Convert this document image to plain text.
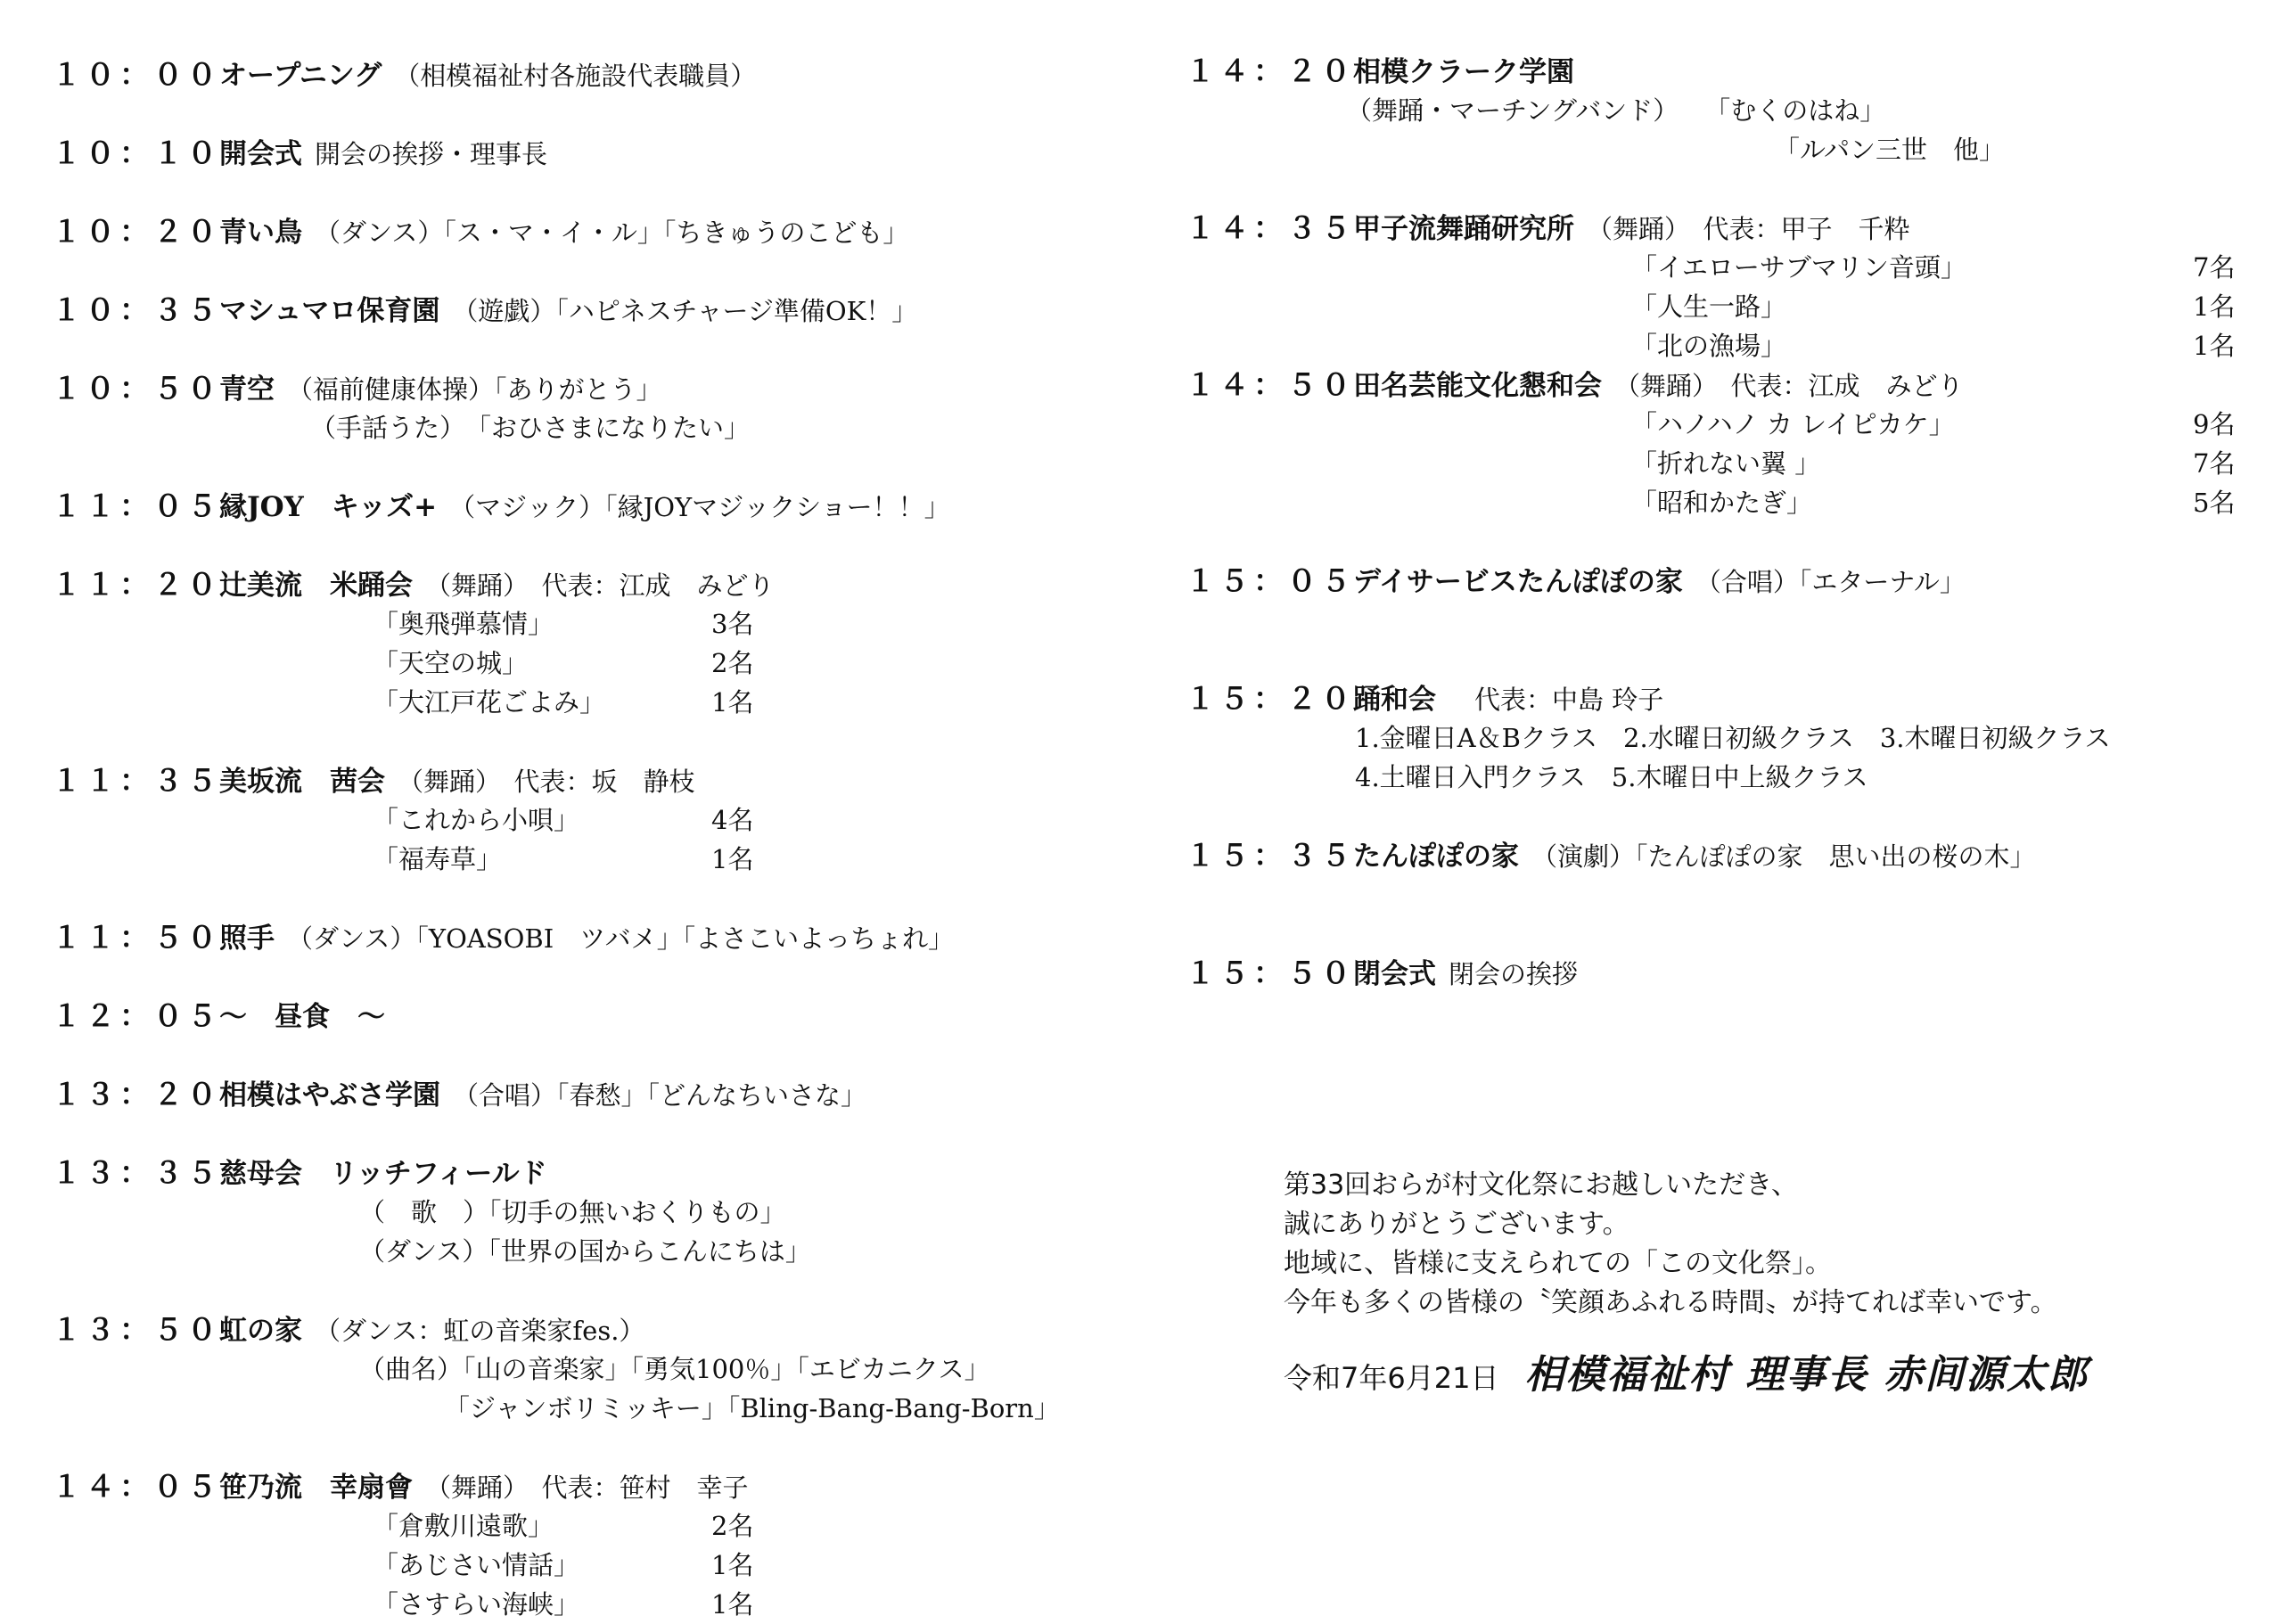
１０：００
オープニング （相模福祉村各施設代表職員）
１０：１０
開会式 開会の挨拶・理事長
１０：２０
青い鳥 （ダンス）「ス・マ・イ・ル」「ちきゅうのこども」
１０：３５
マシュマロ保育園 （遊戯）「ハピネスチャージ準備OK！」
１０：５０
青空 （福前健康体操）「ありがとう」
（手話うた）　「おひさまになりたい」
１１：０５
縁JOY　キッズ+ （マジック）「縁JOYマジックショー！！」
１１：２０
辻美流　米踊会 （舞踊）　代表：江成　みどり
「奥飛弾慕情」	3名
「天空の城」	2名
「大江戸花ごよみ」	1名
１１：３５
美坂流　茜会 （舞踊）　代表：坂　静枝
「これから小唄」	4名
「福寿草」	1名
１１：５０
照手 （ダンス）「YOASOBI　ツバメ」「よさこいよっちょれ」
１２：０５
〜　昼食　〜
１３：２０
相模はやぶさ学園 （合唱）「春愁」「どんなちいさな」
１３：３５
慈母会　リッチフィールド
（　歌　）「切手の無いおくりもの」
（ダンス）「世界の国からこんにちは」
１３：５０
虹の家 （ダンス：虹の音楽家fes.）
（曲名）「山の音楽家」「勇気100％」「エビカニクス」
「ジャンボリミッキー」「Bling-Bang-Bang-Born」
１４：０５
笹乃流　幸扇會 （舞踊）　代表：笹村　幸子
「倉敷川遠歌」	2名
「あじさい情話」	1名
「さすらい海峡」	1名
１４：２０
相模クラーク学園
（舞踊・マーチングバンド）　　「むくのはね」
「ルパン三世　他」
１４：３５
甲子流舞踊研究所 （舞踊）　代表：甲子　千粋
「イエローサブマリン音頭」	7名
「人生一路」	1名
「北の漁場」	1名
１４：５０
田名芸能文化懇和会 （舞踊）　代表：江成　みどり
「ハノハノ カ レイピカケ」	9名
「折れない翼 」	7名
「昭和かたぎ」	5名
１５：０５
デイサービスたんぽぽの家 （合唱）「エターナル」
１５：２０
踊和会 　代表：中島 玲子
1.金曜日A＆Bクラス　2.水曜日初級クラス　3.木曜日初級クラス
4.土曜日入門クラス　5.木曜日中上級クラス
１５：３５
たんぽぽの家 （演劇）「たんぽぽの家　思い出の桜の木」
１５：５０
閉会式 閉会の挨拶
第33回おらが村文化祭にお越しいただき、
誠にありがとうございます。
地域に、皆様に支えられての「この文化祭」。
今年も多くの皆様の〝笑顔あふれる時間〟が持てれば幸いです。
令和7年6月21日 相模福祉村 理事長 赤间源太郎
